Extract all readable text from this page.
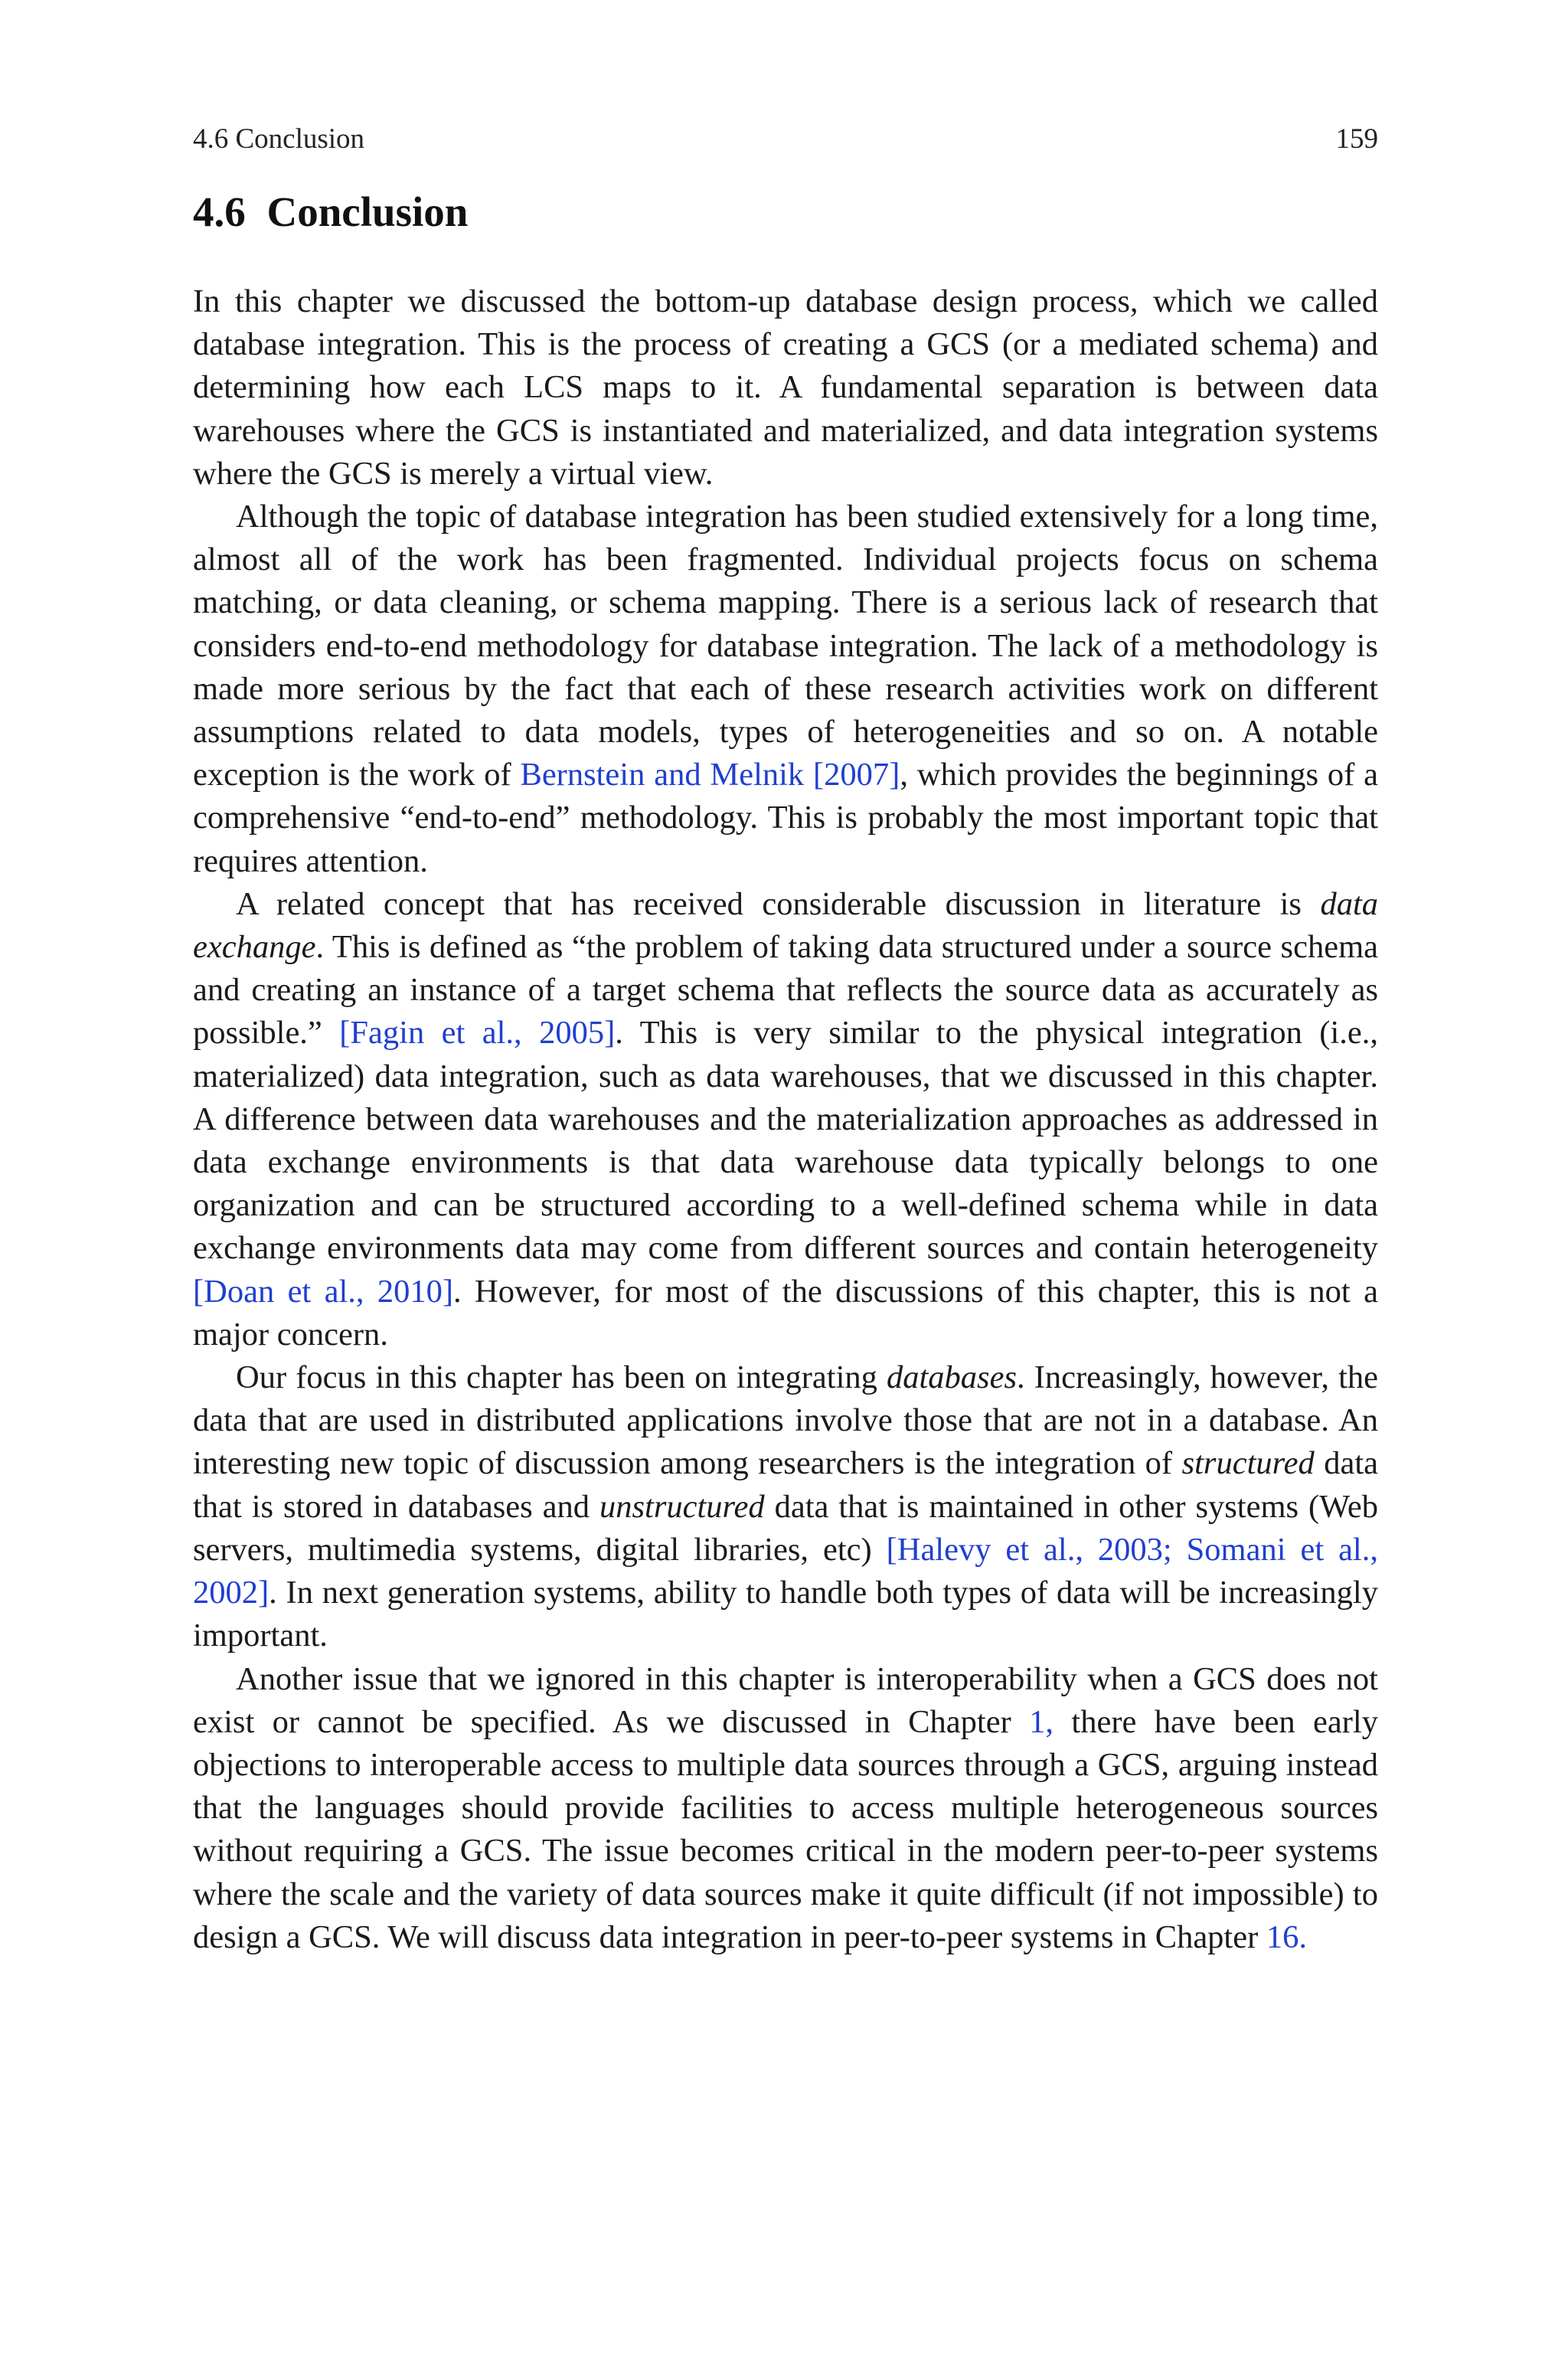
4.6 Conclusion	159
4.6 Conclusion

In this chapter we discussed the bottom-up database design process, which we called database integration. This is the process of creating a GCS (or a mediated schema) and determining how each LCS maps to it. A fundamental separation is between data warehouses where the GCS is instantiated and materialized, and data integration systems where the GCS is merely a virtual view.

Although the topic of database integration has been studied extensively for a long time, almost all of the work has been fragmented. Individual projects focus on schema matching, or data cleaning, or schema mapping. There is a serious lack of research that considers end-to-end methodology for database integration. The lack of a methodology is made more serious by the fact that each of these research activities work on different assumptions related to data models, types of heterogeneities and so on. A notable exception is the work of Bernstein and Melnik [2007], which provides the beginnings of a comprehensive “end-to-end” methodology. This is probably the most important topic that requires attention.

A related concept that has received considerable discussion in literature is data exchange. This is defined as “the problem of taking data structured under a source schema and creating an instance of a target schema that reflects the source data as accurately as possible.” [Fagin et al., 2005]. This is very similar to the physical integration (i.e., materialized) data integration, such as data warehouses, that we discussed in this chapter. A difference between data warehouses and the materialization approaches as addressed in data exchange environments is that data warehouse data typically belongs to one organization and can be structured according to a well-defined schema while in data exchange environments data may come from different sources and contain heterogeneity [Doan et al., 2010]. However, for most of the discussions of this chapter, this is not a major concern.

Our focus in this chapter has been on integrating databases. Increasingly, however, the data that are used in distributed applications involve those that are not in a database. An interesting new topic of discussion among researchers is the integration of structured data that is stored in databases and unstructured data that is maintained in other systems (Web servers, multimedia systems, digital libraries, etc) [Halevy et al., 2003; Somani et al., 2002]. In next generation systems, ability to handle both types of data will be increasingly important.

Another issue that we ignored in this chapter is interoperability when a GCS does not exist or cannot be specified. As we discussed in Chapter 1, there have been early objections to interoperable access to multiple data sources through a GCS, arguing instead that the languages should provide facilities to access multiple heterogeneous sources without requiring a GCS. The issue becomes critical in the modern peer-to-peer systems where the scale and the variety of data sources make it quite difficult (if not impossible) to design a GCS. We will discuss data integration in peer-to-peer systems in Chapter 16.
